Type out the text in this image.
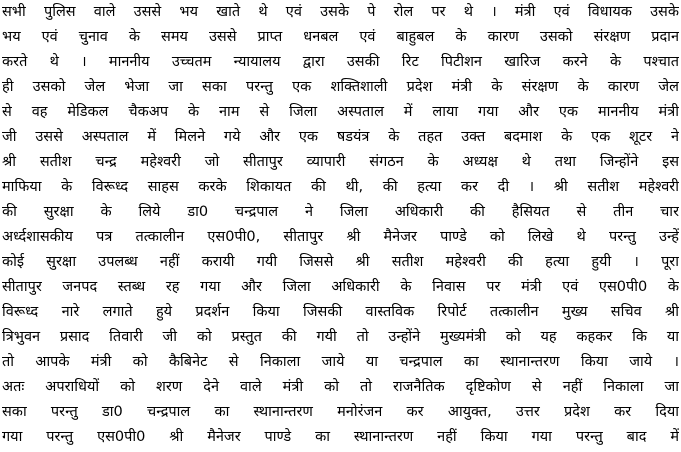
सभी पुलिस वाले उससे भय खाते थे एवं उसके पे रोल पर थे । मंत्री एवं विधायक उसके
भय एवं चुनाव के समय उससे प्राप्त धनबल एवं बाहुबल के कारण उसको संरक्षण प्रदान
करते थे । माननीय उच्चतम न्यायालय द्वारा उसकी रिट पिटीशन खारिज करने के पश्चात
ही उसको जेल भेजा जा सका परन्तु एक शक्तिशाली प्रदेश मंत्री के संरक्षण के कारण जेल
से वह मेडिकल चैकअप के नाम से जिला अस्पताल में लाया गया और एक माननीय मंत्री
जी उससे अस्पताल में मिलने गये और एक षडयंत्र के तहत उक्त बदमाश के एक शूटर ने
श्री सतीश चन्द्र महेश्वरी जो सीतापुर व्यापारी संगठन के अध्यक्ष थे तथा जिन्होंने इस
माफिया के विरूध्द साहस करके शिकायत की थी, की हत्या कर दी । श्री सतीश महेश्वरी
की सुरक्षा के लिये डा0 चन्द्रपाल ने जिला अधिकारी की हैसियत से तीन चार
अर्ध्दशासकीय पत्र तत्कालीन एस0पी0, सीतापुर श्री मैनेजर पाण्डे को लिखे थे परन्तु उन्हें
कोई सुरक्षा उपलब्ध नहीं करायी गयी जिससे श्री सतीश महेश्वरी की हत्या हुयी । पूरा
सीतापुर जनपद स्तब्ध रह गया और जिला अधिकारी के निवास पर मंत्री एवं एस0पी0 के
विरूध्द नारे लगाते हुये प्रदर्शन किया जिसकी वास्तविक रिपोर्ट तत्कालीन मुख्य सचिव श्री
त्रिभुवन प्रसाद तिवारी जी को प्रस्तुत की गयी तो उन्होंने मुख्यमंत्री को यह कहकर कि या
तो आपके मंत्री को कैबिनेट से निकाला जाये या चन्द्रपाल का स्थानान्तरण किया जाये ।
अतः अपराधियों को शरण देने वाले मंत्री को तो राजनैतिक दृष्टिकोण से नहीं निकाला जा
सका परन्तु डा0 चन्द्रपाल का स्थानान्तरण मनोरंजन कर आयुक्त, उत्तर प्रदेश कर दिया
गया परन्तु एस0पी0 श्री मैनेजर पाण्डे का स्थानान्तरण नहीं किया गया परन्तु बाद में
